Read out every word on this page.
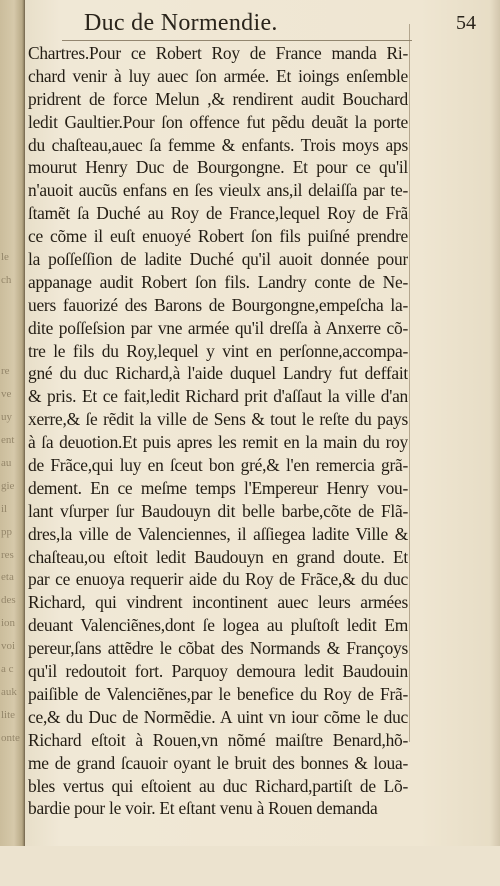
le
ch
re
ve
uy
ent
au
gie
il
pp
res
eta
des
ion
voi
a c
auk
lite
onte
Duc de Normendie.	54
Chartres.Pour ce Robert Roy de France manda Ri-
chard venir à luy auec ſon armée. Et ioings enſemble
pridrent de force Melun ,& rendirent audit Bouchard
ledit Gaultier.Pour ſon offence fut pẽdu deuãt la porte
du chaſteau,auec ſa femme & enfants. Trois moys aps
mourut Henry Duc de Bourgongne. Et pour ce qu'il
n'auoit aucũs enfans en ſes vieulx ans,il delaiſſa par te-
ſtamẽt ſa Duché au Roy de France,lequel Roy de Frã
ce cõme il euſt enuoyé Robert ſon fils puiſné prendre
la poſſeſſion de ladite Duché qu'il auoit donnée pour
appanage audit Robert ſon fils. Landry conte de Ne-
uers fauorizé des Barons de Bourgongne,empeſcha la-
dite poſſeſsion par vne armée qu'il dreſſa à Anxerre cõ-
tre le fils du Roy,lequel y vint en perſonne,accompa-
gné du duc Richard,à l'aide duquel Landry fut deffait
& pris. Et ce fait,ledit Richard prit d'aſſaut la ville d'an
xerre,& ſe rẽdit la ville de Sens & tout le reſte du pays
à ſa deuotion.Et puis apres les remit en la main du roy
de Frãce,qui luy en ſceut bon gré,& l'en remercia grã-
dement. En ce meſme temps l'Empereur Henry vou-
lant vſurper ſur Baudouyn dit belle barbe,cõte de Flã-
dres,la ville de Valenciennes, il aſſiegea ladite Ville &
chaſteau,ou eſtoit ledit Baudouyn en grand doute. Et
par ce enuoya requerir aide du Roy de Frãce,& du duc
Richard, qui vindrent incontinent auec leurs armées
deuant Valenciẽnes,dont ſe logea au pluſtoſt ledit Em
pereur,ſans attẽdre le cõbat des Normands & Françoys
qu'il redoutoit fort. Parquoy demoura ledit Baudouin
paiſible de Valenciẽnes,par le benefice du Roy de Frã-
ce,& du Duc de Normẽdie. A uint vn iour cõme le duc
Richard eſtoit à Rouen,vn nõmé maiſtre Benard,hõ-
me de grand ſcauoir oyant le bruit des bonnes & loua-
bles vertus qui eſtoient au duc Richard,partiſt de Lõ-
bardie pour le voir. Et eſtant venu à Rouen demanda
